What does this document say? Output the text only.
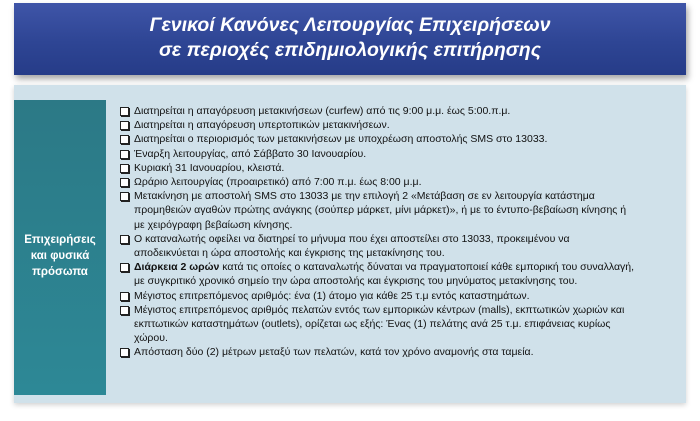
Γενικοί Κανόνες Λειτουργίας Επιχειρήσεων
σε περιοχές επιδημιολογικής επιτήρησης
Επιχειρήσεις
και φυσικά
πρόσωπα
Διατηρείται η απαγόρευση μετακινήσεων (curfew) από τις 9:00 μ.μ. έως 5:00.π.μ.
Διατηρείται η απαγόρευση υπερτοπικών μετακινήσεων.
Διατηρείται ο περιορισμός των μετακινήσεων με υποχρέωση αποστολής SMS στο 13033.
Έναρξη λειτουργίας, από Σάββατο 30 Ιανουαρίου.
Κυριακή 31 Ιανουαρίου, κλειστά.
Ωράριο λειτουργίας (προαιρετικό) από 7:00 π.μ. έως 8:00 μ.μ.
Μετακίνηση με αποστολή SMS στο 13033 με την επιλογή 2 «Μετάβαση σε εν λειτουργία κατάστημα
προμηθειών αγαθών πρώτης ανάγκης (σούπερ μάρκετ, μίνι μάρκετ)», ή με το έντυπο-βεβαίωση κίνησης ή
με χειρόγραφη βεβαίωση κίνησης.
Ο καταναλωτής οφείλει να διατηρεί το μήνυμα που έχει αποστείλει στο 13033, προκειμένου να
αποδεικνύεται η ώρα αποστολής και έγκρισης της μετακίνησης του.
Διάρκεια 2 ωρών κατά τις οποίες ο καταναλωτής δύναται να πραγματοποιεί κάθε εμπορική του συναλλαγή,
με συγκριτικό χρονικό σημείο την ώρα αποστολής και έγκρισης του μηνύματος μετακίνησης του.
Μέγιστος επιτρεπόμενος αριθμός: ένα (1) άτομο για κάθε 25 τ.μ εντός καταστημάτων.
Μέγιστος επιτρεπόμενος αριθμός πελατών εντός των εμπορικών κέντρων (malls), εκπτωτικών χωριών και
εκπτωτικών καταστημάτων (outlets), ορίζεται ως εξής: Ένας (1) πελάτης ανά 25 τ.μ. επιφάνειας κυρίως
χώρου.
Απόσταση δύο (2) μέτρων μεταξύ των πελατών, κατά τον χρόνο αναμονής στα ταμεία.
